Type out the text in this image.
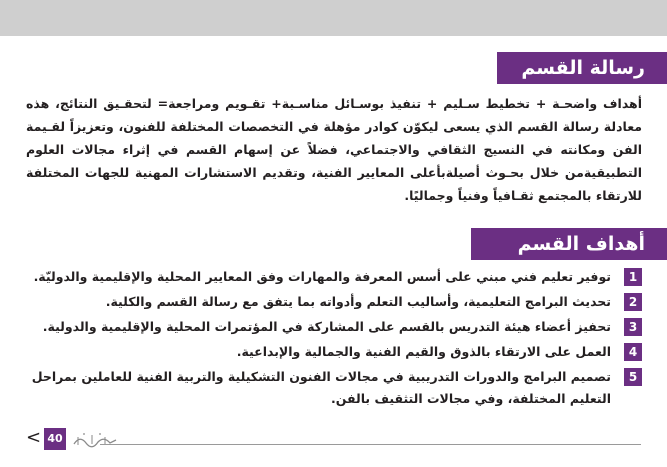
رسالة القسم

أهداف واضحـة + تخطيط سـليم + تنفيذ بوسـائل مناسـبة+ تقـويم ومراجعة= لتحقـيق النتائج، هذه معادلة رسالة القسم الذي يسعى ليكوّن كوادر مؤهلة في التخصصات المختلفة للفنون، وتعزيزاً لقـيمة الفن ومكانته في النسيج الثقافي والاجتماعي، فضلاً عن إسهام القسم في إثراء مجالات العلوم التطبيقيةمن خلال بحـوث أصيلةبأعلى المعايير الفنية، وتقديم الاستشارات المهنية للجهات المختلفة للارتقاء بالمجتمع ثقـافياً وفنياً وجماليًا.

أهداف القسم
1
توفير تعليم فني مبني على أسس المعرفة والمهارات وفق المعايير المحلية والإقليمية والدوليّة.
2
تحديث البرامج التعليمية، وأساليب التعلم وأدواته بما يتفق مع رسالة القسم والكلية.
3
تحفيز أعضاء هيئة التدريس بالقسم على المشاركة في المؤتمرات المحلية والإقليمية والدولية.
4
العمل على الارتقاء بالذوق والقيم الفنية والجمالية والإبداعية.
5
تصميم البرامج والدورات التدريبية في مجالات الفنون التشكيلية والتربية الفنية للعاملين بمراحل التعليم المختلفة، وفي مجالات التثقيف بالفن.
< 40
